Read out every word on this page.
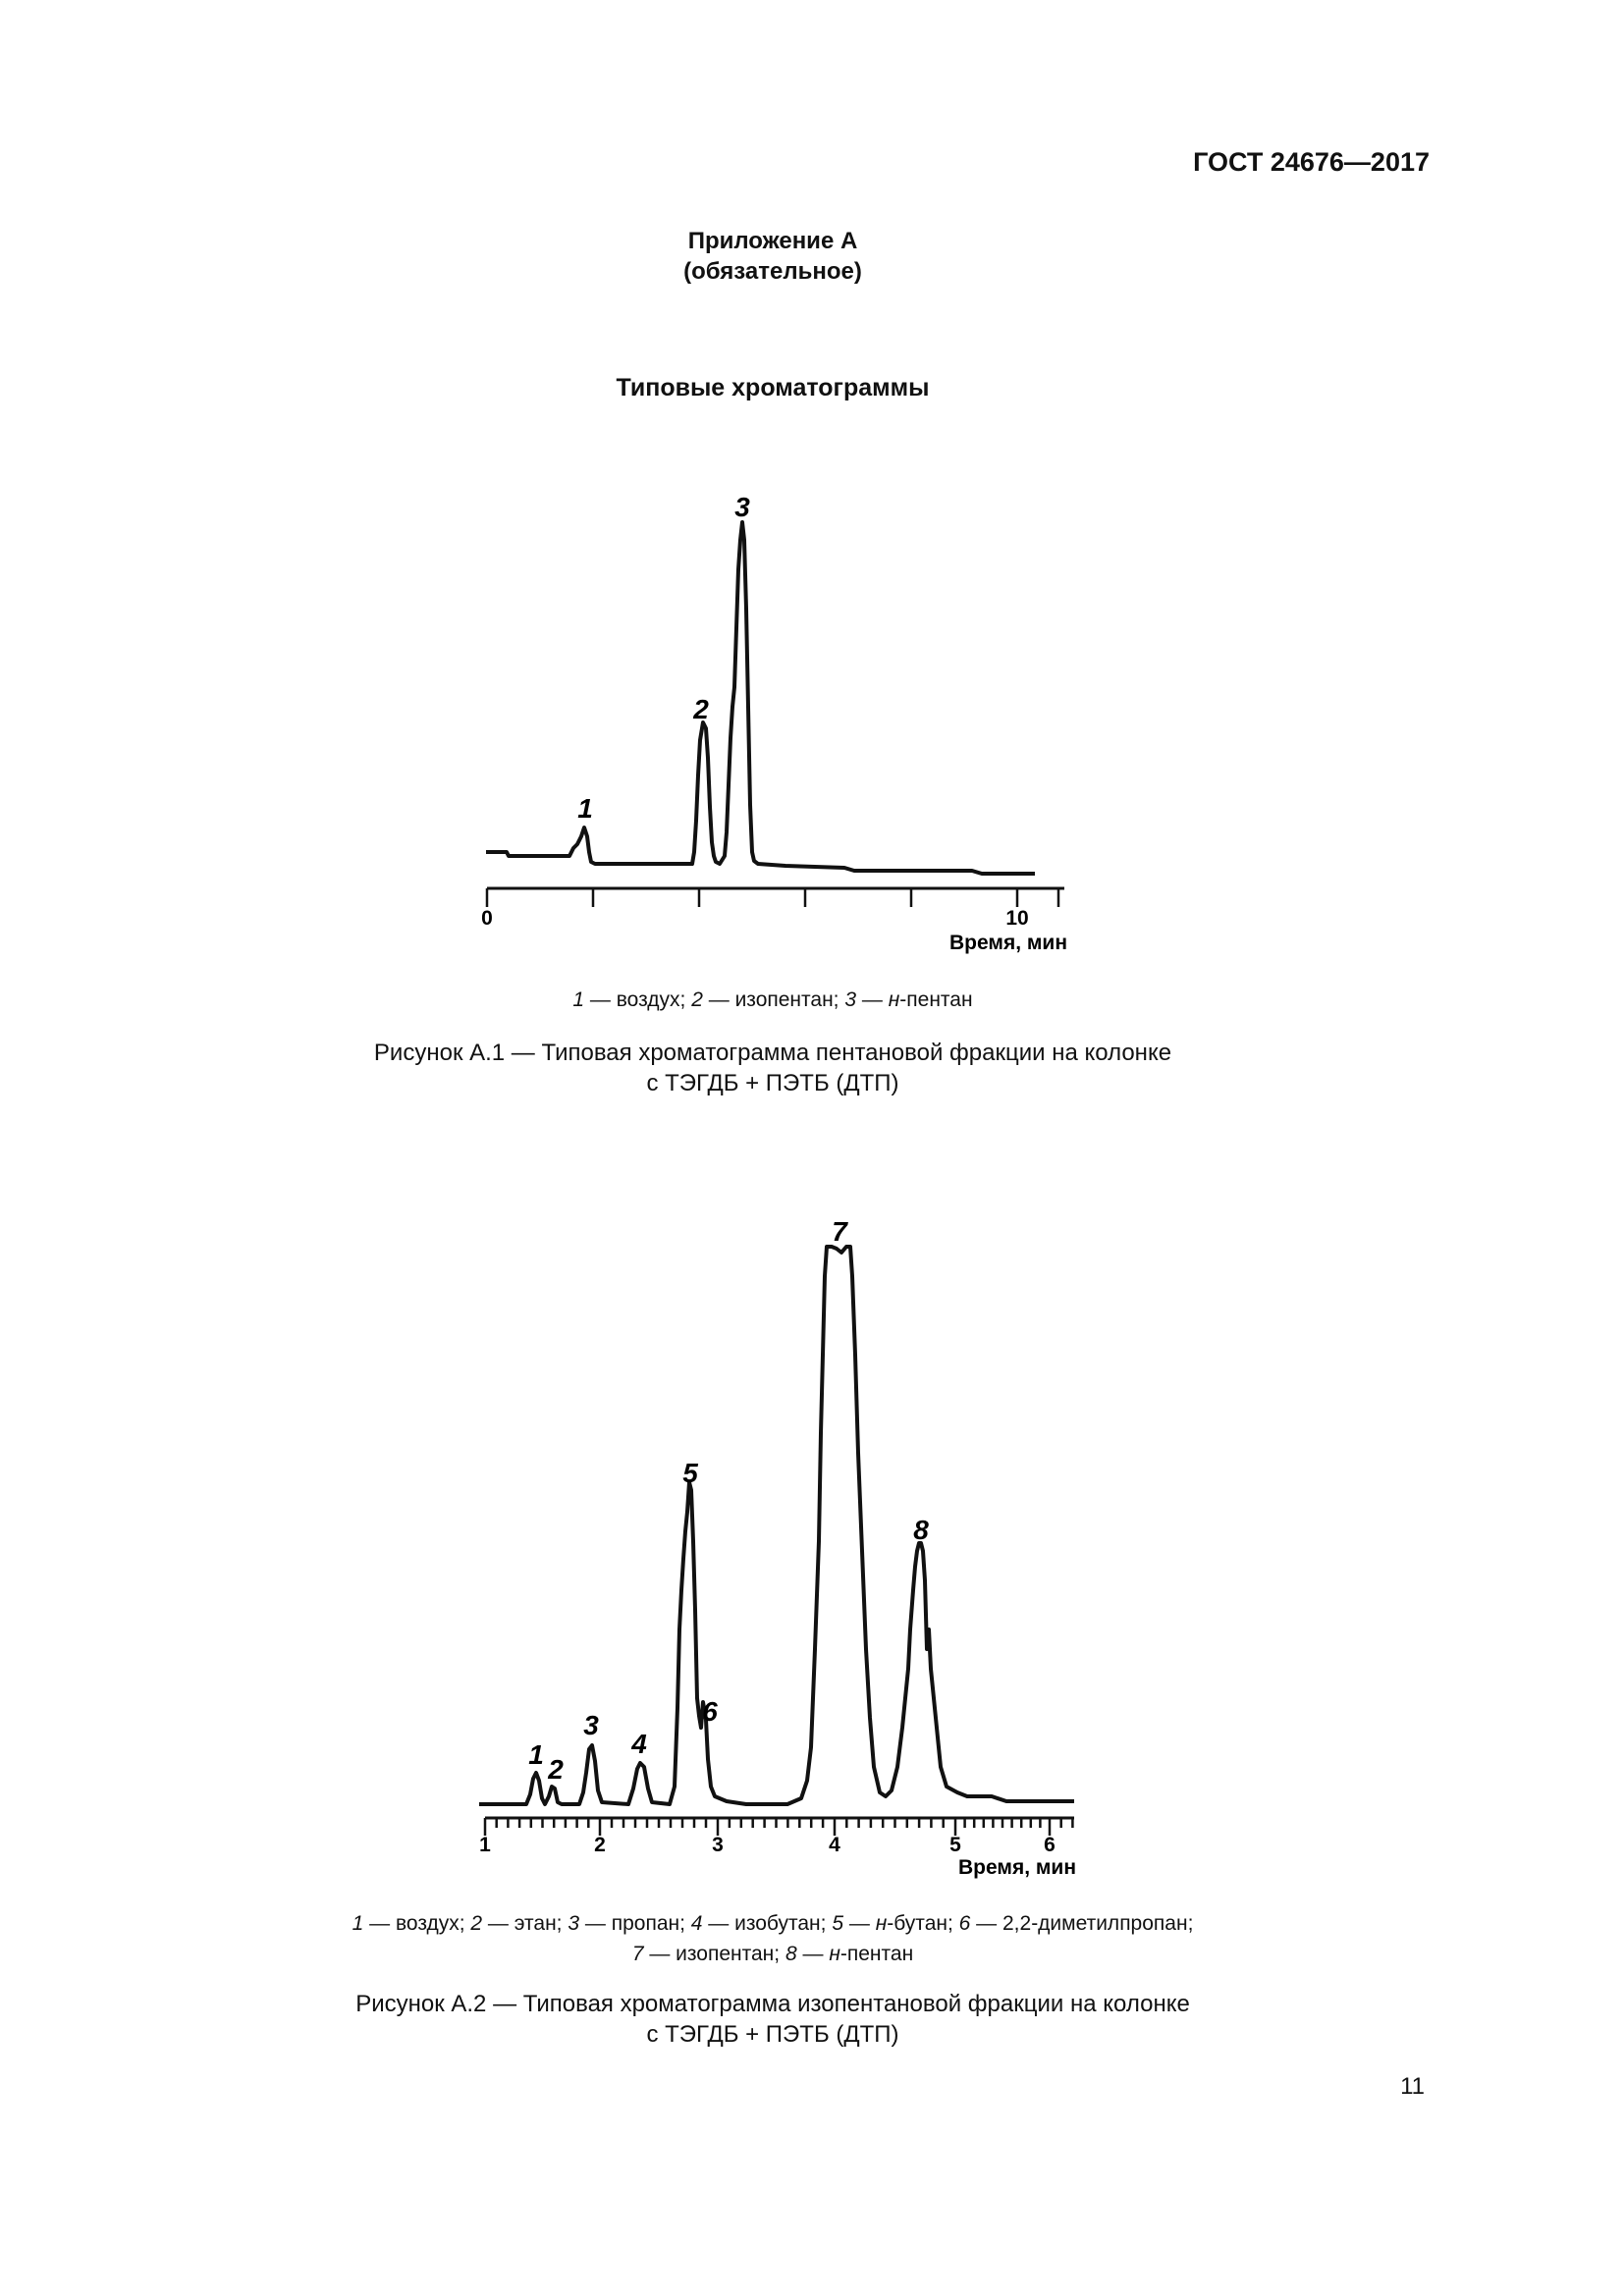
ГОСТ 24676—2017
Приложение А
(обязательное)
Типовые хроматограммы
0	10
Время, мин
1
2
3
1	2	3	4	5	6
Время, мин
1 2
3
4
5
6
7
8
1 — воздух; 2 — изопентан; 3 — н-пентан
Рисунок А.1 — Типовая хроматограмма пентановой фракции на колонке
с ТЭГДБ + ПЭТБ (ДТП)
1 — воздух; 2 — этан; 3 — пропан; 4 — изобутан; 5 — н-бутан; 6 — 2,2-диметилпропан;
7 — изопентан; 8 — н-пентан
Рисунок А.2 — Типовая хроматограмма изопентановой фракции на колонке
с ТЭГДБ + ПЭТБ (ДТП)
11
